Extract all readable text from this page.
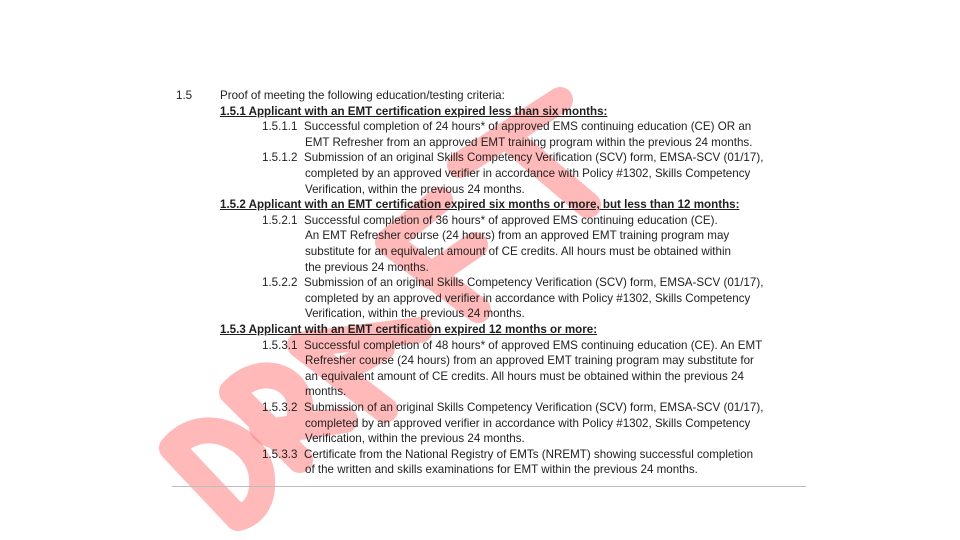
1.5 Proof of meeting the following education/testing criteria:
1.5.1 Applicant with an EMT certification expired less than six months:
1.5.1.1 Successful completion of 24 hours* of approved EMS continuing education (CE) OR an
EMT Refresher from an approved EMT training program within the previous 24 months.
1.5.1.2 Submission of an original Skills Competency Verification (SCV) form, EMSA-SCV (01/17),
completed by an approved verifier in accordance with Policy #1302, Skills Competency
Verification, within the previous 24 months.
1.5.2 Applicant with an EMT certification expired six months or more, but less than 12 months:
1.5.2.1 Successful completion of 36 hours* of approved EMS continuing education (CE).
An EMT Refresher course (24 hours) from an approved EMT training program may
substitute for an equivalent amount of CE credits. All hours must be obtained within
the previous 24 months.
1.5.2.2 Submission of an original Skills Competency Verification (SCV) form, EMSA-SCV (01/17),
completed by an approved verifier in accordance with Policy #1302, Skills Competency
Verification, within the previous 24 months.
1.5.3 Applicant with an EMT certification expired 12 months or more:
1.5.3.1 Successful completion of 48 hours* of approved EMS continuing education (CE). An EMT
Refresher course (24 hours) from an approved EMT training program may substitute for
an equivalent amount of CE credits. All hours must be obtained within the previous 24
months.
1.5.3.2 Submission of an original Skills Competency Verification (SCV) form, EMSA-SCV (01/17),
completed by an approved verifier in accordance with Policy #1302, Skills Competency
Verification, within the previous 24 months.
1.5.3.3 Certificate from the National Registry of EMTs (NREMT) showing successful completion
of the written and skills examinations for EMT within the previous 24 months.
